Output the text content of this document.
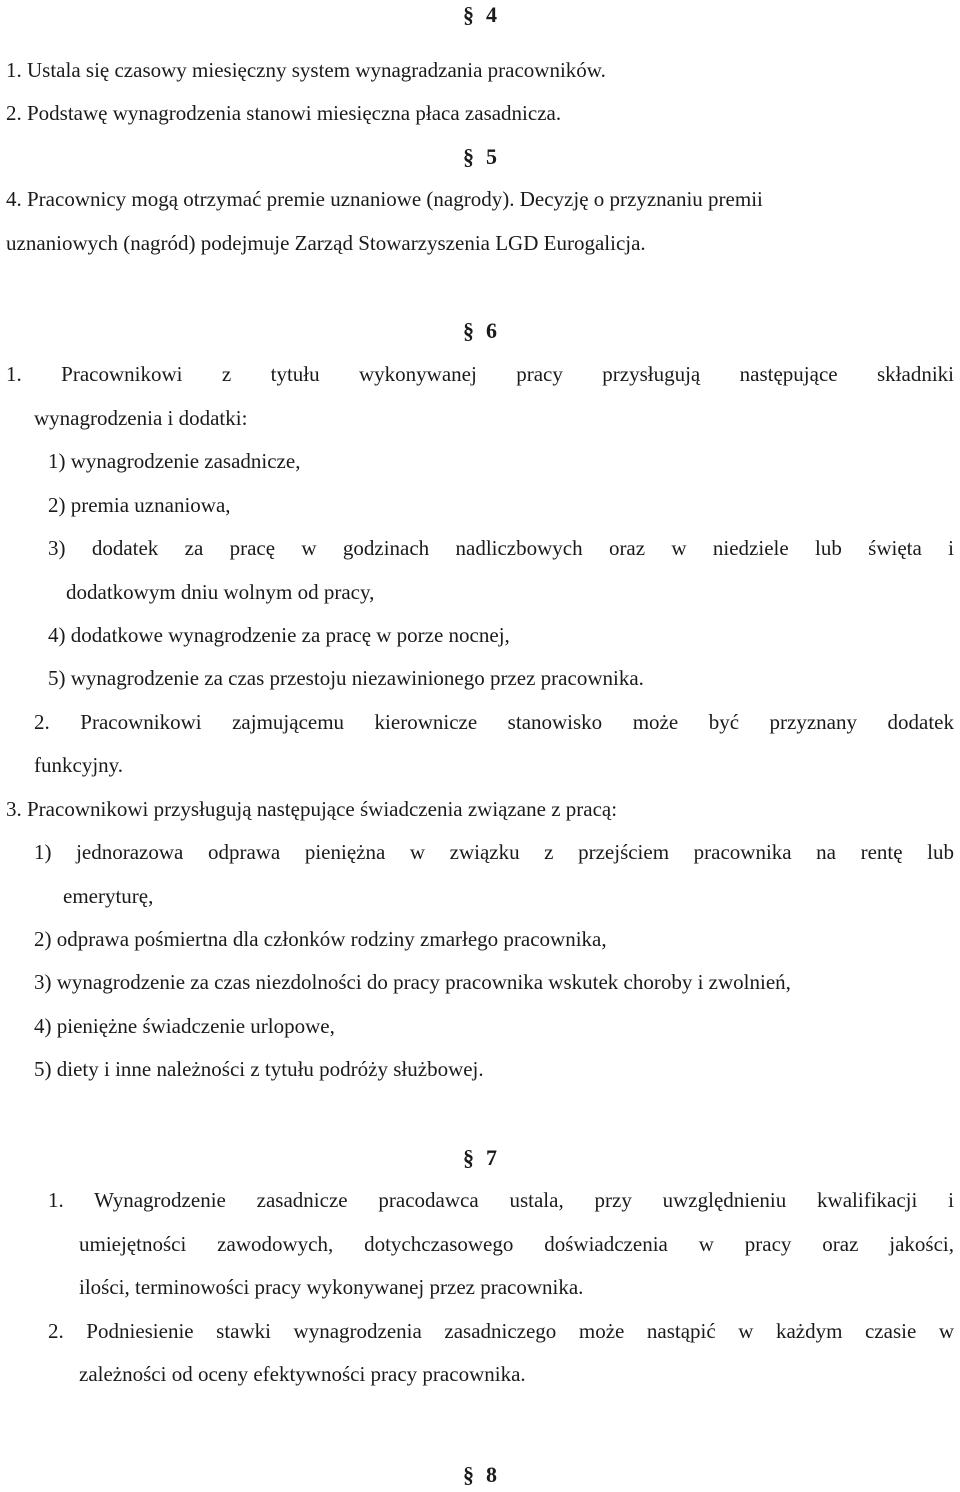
§ 4
1. Ustala się czasowy miesięczny system wynagradzania pracowników.
2. Podstawę wynagrodzenia stanowi miesięczna płaca zasadnicza.
§ 5
4. Pracownicy mogą otrzymać premie uznaniowe (nagrody). Decyzję o przyznaniu premii
uznaniowych (nagród) podejmuje Zarząd Stowarzyszenia LGD Eurogalicja.
§ 6
1. Pracownikowi z tytułu wykonywanej pracy przysługują następujące składniki
wynagrodzenia i dodatki:
1) wynagrodzenie zasadnicze,
2) premia uznaniowa,
3) dodatek za pracę w godzinach nadliczbowych oraz w niedziele lub święta i
dodatkowym dniu wolnym od pracy,
4) dodatkowe wynagrodzenie za pracę w porze nocnej,
5) wynagrodzenie za czas przestoju niezawinionego przez pracownika.
2. Pracownikowi zajmującemu kierownicze stanowisko może być przyznany dodatek
funkcyjny.
3. Pracownikowi przysługują następujące świadczenia związane z pracą:
1) jednorazowa odprawa pieniężna w związku z przejściem pracownika na rentę lub
emeryturę,
2) odprawa pośmiertna dla członków rodziny zmarłego pracownika,
3) wynagrodzenie za czas niezdolności do pracy pracownika wskutek choroby i zwolnień,
4) pieniężne świadczenie urlopowe,
5) diety i inne należności z tytułu podróży służbowej.
§ 7
1. Wynagrodzenie zasadnicze pracodawca ustala, przy uwzględnieniu kwalifikacji i
umiejętności zawodowych, dotychczasowego doświadczenia w pracy oraz jakości,
ilości, terminowości pracy wykonywanej przez pracownika.
2. Podniesienie stawki wynagrodzenia zasadniczego może nastąpić w każdym czasie w
zależności od oceny efektywności pracy pracownika.
§ 8
